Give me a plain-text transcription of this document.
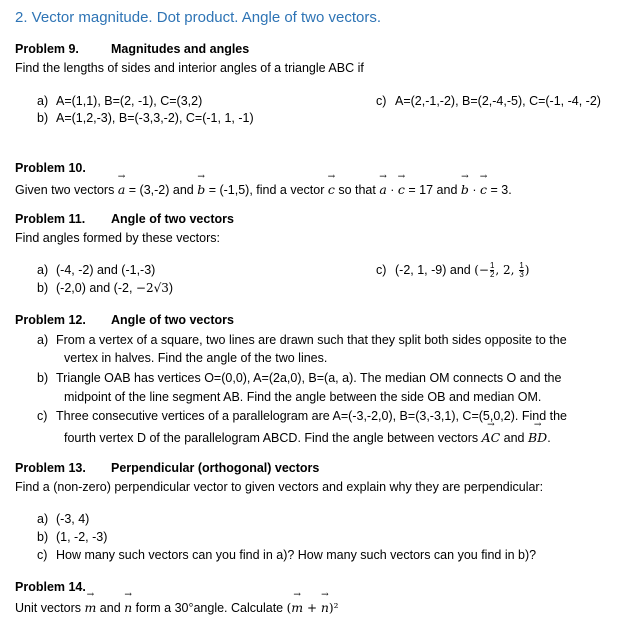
2. Vector magnitude. Dot product. Angle of two vectors.
Problem 9.	Magnitudes and angles
Find the lengths of sides and interior angles of a triangle ABC if
a) A=(1,1), B=(2, -1), C=(3,2)
b) A=(1,2,-3), B=(-3,3,-2), C=(-1, 1, -1)
c) A=(2,-1,-2), B=(2,-4,-5), C=(-1, -4, -2)
Problem 10.
Given two vectors → a = (3,-2) and → b = (-1,5), find a vector → c so that → a · → c = 17 and → b · → c = 3.
Problem 11. Angle of two vectors
Find angles formed by these vectors:
a) (-4, -2) and (-1,-3)
b) (-2,0) and (-2, −2√3)
c) (-2, 1, -9) and (− $\frac{1}{2}$ , 2, $\frac{1}{3}$ )
Problem 12. Angle of two vectors
a) From a vertex of a square, two lines are drawn such that they split both sides opposite to the
vertex in halves. Find the angle of the two lines.
b) Triangle OAB has vertices O=(0,0), A=(2a,0), B=(a, a). The median OM connects O and the
midpoint of the line segment AB. Find the angle between the side OB and median OM.
c) Three consecutive vertices of a parallelogram are A=(-3,-2,0), B=(3,-3,1), C=(5,0,2). Find the
fourth vertex D of the parallelogram ABCD. Find the angle between vectors → AC and → BD.
Problem 13. Perpendicular (orthogonal) vectors
Find a (non-zero) perpendicular vector to given vectors and explain why they are perpendicular:
a) (-3, 4)
b) (1, -2, -3)
c) How many such vectors can you find in a)? How many such vectors can you find in b)?
Problem 14.
Unit vectors → m and → n form a 30°angle. Calculate (→ m + → n)²
